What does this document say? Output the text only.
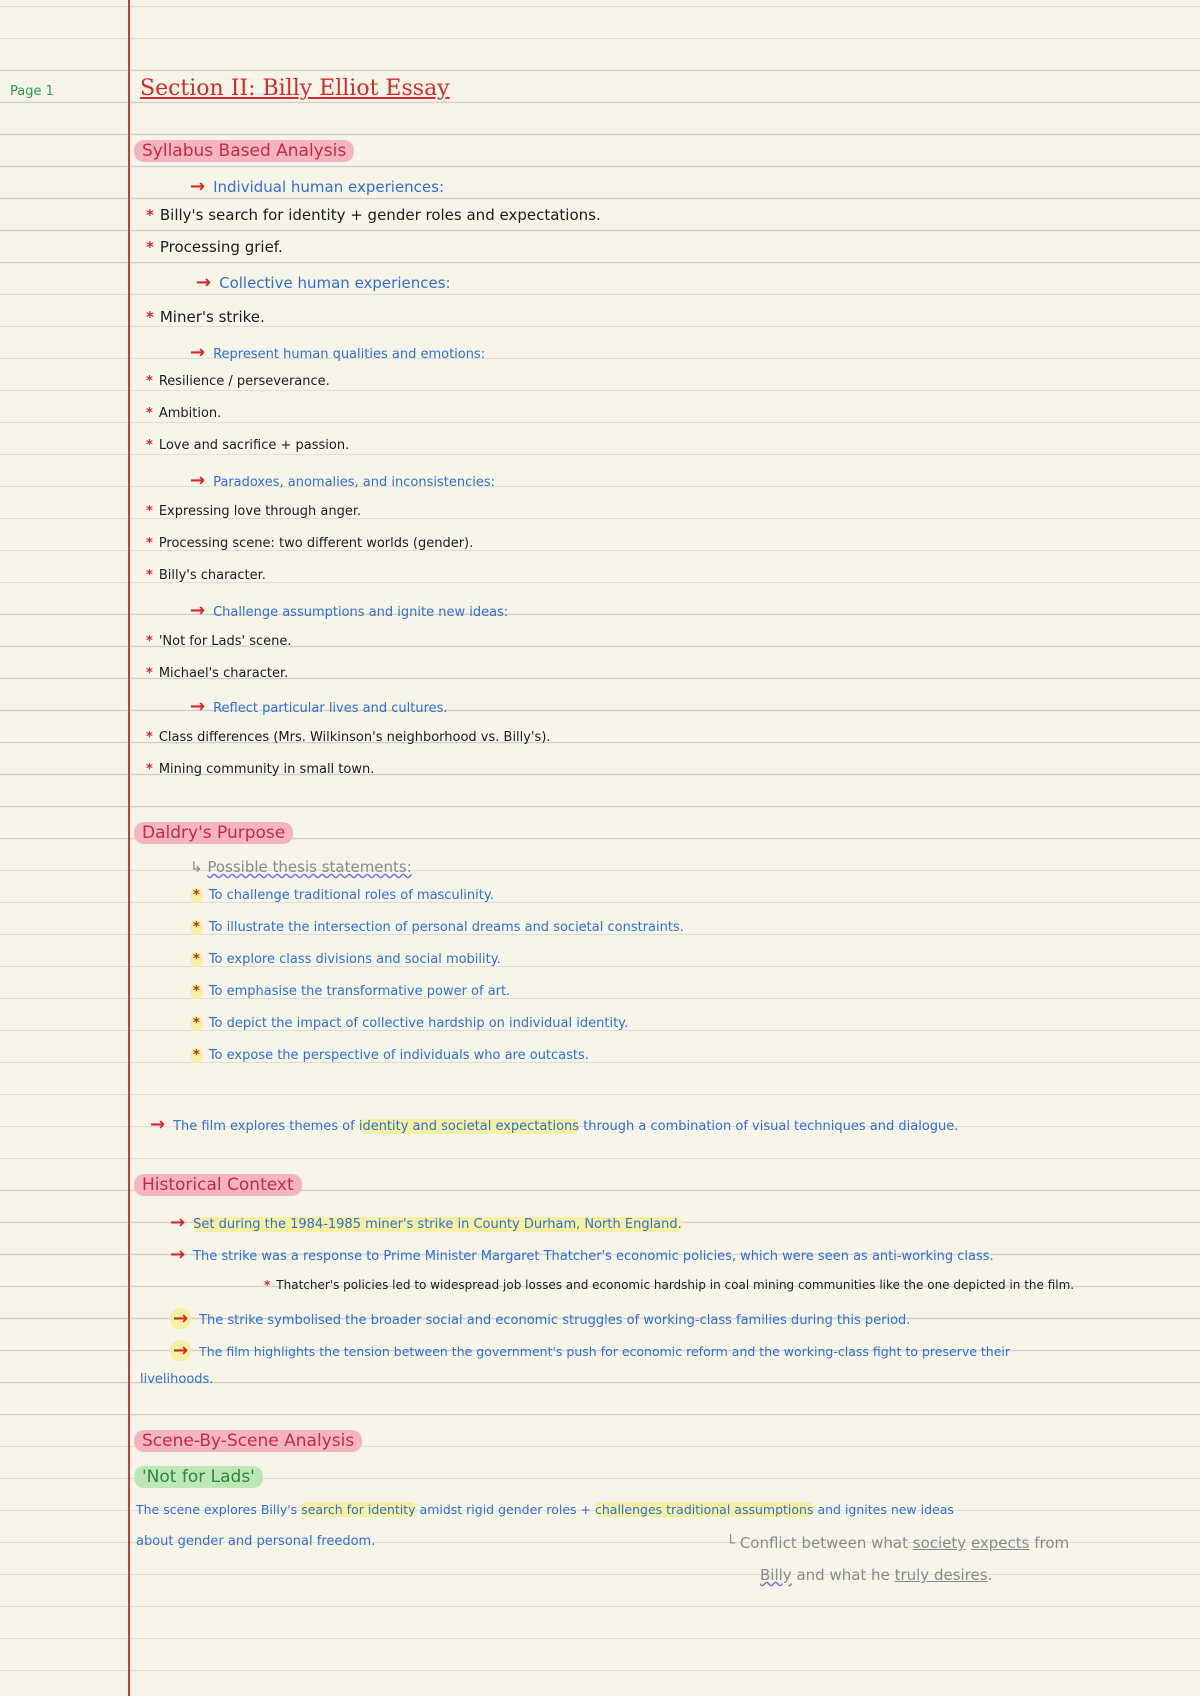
Page 1	Section II: Billy Elliot Essay
Syllabus Based Analysis
→ Individual human experiences:
* Billy's search for identity + gender roles and expectations.
* Processing grief.
→ Collective human experiences:
* Miner's strike.
→ Represent human qualities and emotions:
* Resilience / perseverance.
* Ambition.
* Love and sacrifice + passion.
→ Paradoxes, anomalies, and inconsistencies:
* Expressing love through anger.
* Processing scene: two different worlds (gender).
* Billy's character.
→ Challenge assumptions and ignite new ideas:
* 'Not for Lads' scene.
* Michael's character.
→ Reflect particular lives and cultures.
* Class differences (Mrs. Wilkinson's neighborhood vs. Billy's).
* Mining community in small town.
Daldry's Purpose
↳ Possible thesis statements:
* To challenge traditional roles of masculinity.
* To illustrate the intersection of personal dreams and societal constraints.
* To explore class divisions and social mobility.
* To emphasise the transformative power of art.
* To depict the impact of collective hardship on individual identity.
* To expose the perspective of individuals who are outcasts.
→ The film explores themes of identity and societal expectations through a combination of visual techniques and dialogue.
Historical Context
→ Set during the 1984-1985 miner's strike in County Durham, North England.
→ The strike was a response to Prime Minister Margaret Thatcher's economic policies, which were seen as anti-working class.
* Thatcher's policies led to widespread job losses and economic hardship in coal mining communities like the one depicted in the film.
→ The strike symbolised the broader social and economic struggles of working-class families during this period.
→ The film highlights the tension between the government's push for economic reform and the working-class fight to preserve their
livelihoods.
Scene-By-Scene Analysis
'Not for Lads'
The scene explores Billy's search for identity amidst rigid gender roles + challenges traditional assumptions and ignites new ideas
about gender and personal freedom.	└ Conflict between what society expects from
Billy and what he truly desires.
